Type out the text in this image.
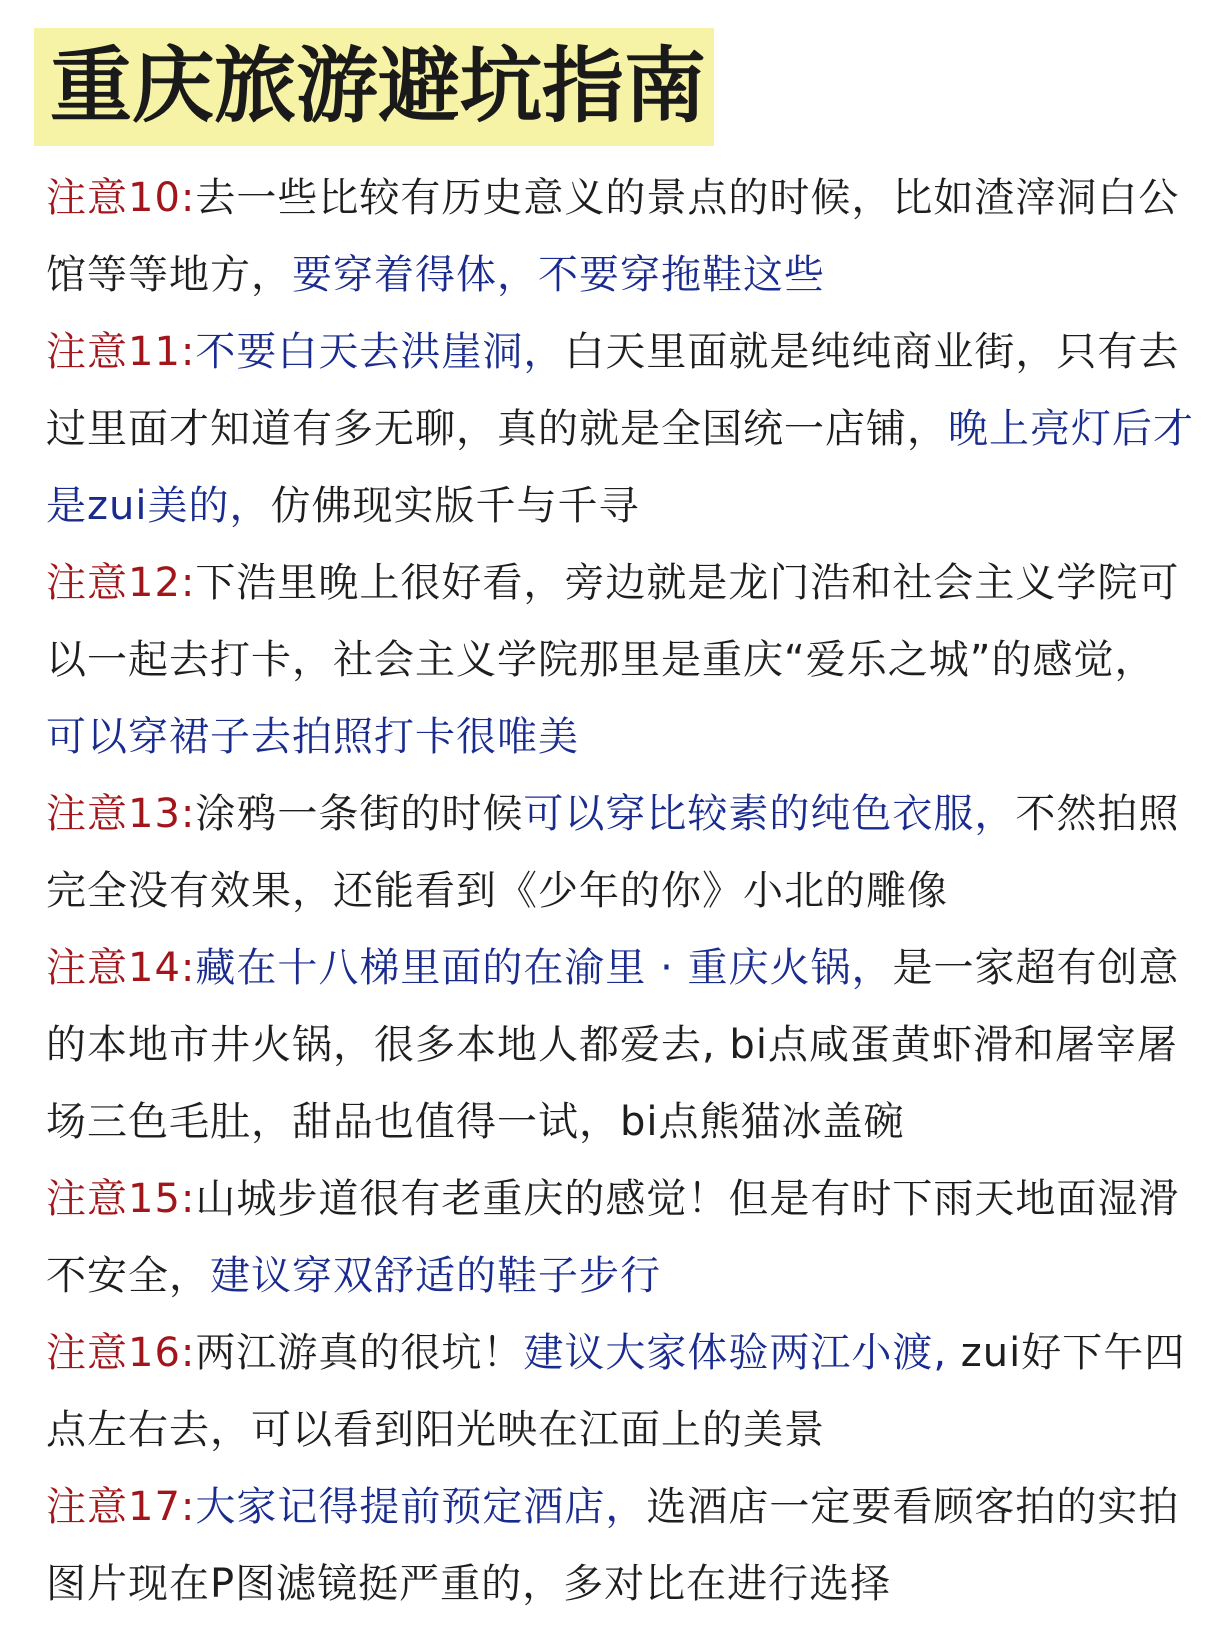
重庆旅游避坑指南

注意10:去一些比较有历史意义的景点的时候，比如渣滓洞白公馆等等地方，要穿着得体，不要穿拖鞋这些

注意11:不要白天去洪崖洞，白天里面就是纯纯商业街，只有去过里面才知道有多无聊，真的就是全国统一店铺，晚上亮灯后才是zui美的，仿佛现实版千与千寻

注意12:下浩里晚上很好看，旁边就是龙门浩和社会主义学院可以一起去打卡，社会主义学院那里是重庆“爱乐之城”的感觉，可以穿裙子去拍照打卡很唯美

注意13:涂鸦一条街的时候可以穿比较素的纯色衣服，不然拍照完全没有效果，还能看到《少年的你》小北的雕像

注意14:藏在十八梯里面的在渝里 · 重庆火锅，是一家超有创意的本地市井火锅，很多本地人都爱去, bi点咸蛋黄虾滑和屠宰屠场三色毛肚，甜品也值得一试，bi点熊猫冰盖碗

注意15:山城步道很有老重庆的感觉！但是有时下雨天地面湿滑不安全，建议穿双舒适的鞋子步行

注意16:两江游真的很坑！建议大家体验两江小渡, zui好下午四点左右去，可以看到阳光映在江面上的美景

注意17:大家记得提前预定酒店，选酒店一定要看顾客拍的实拍图片现在P图滤镜挺严重的，多对比在进行选择
